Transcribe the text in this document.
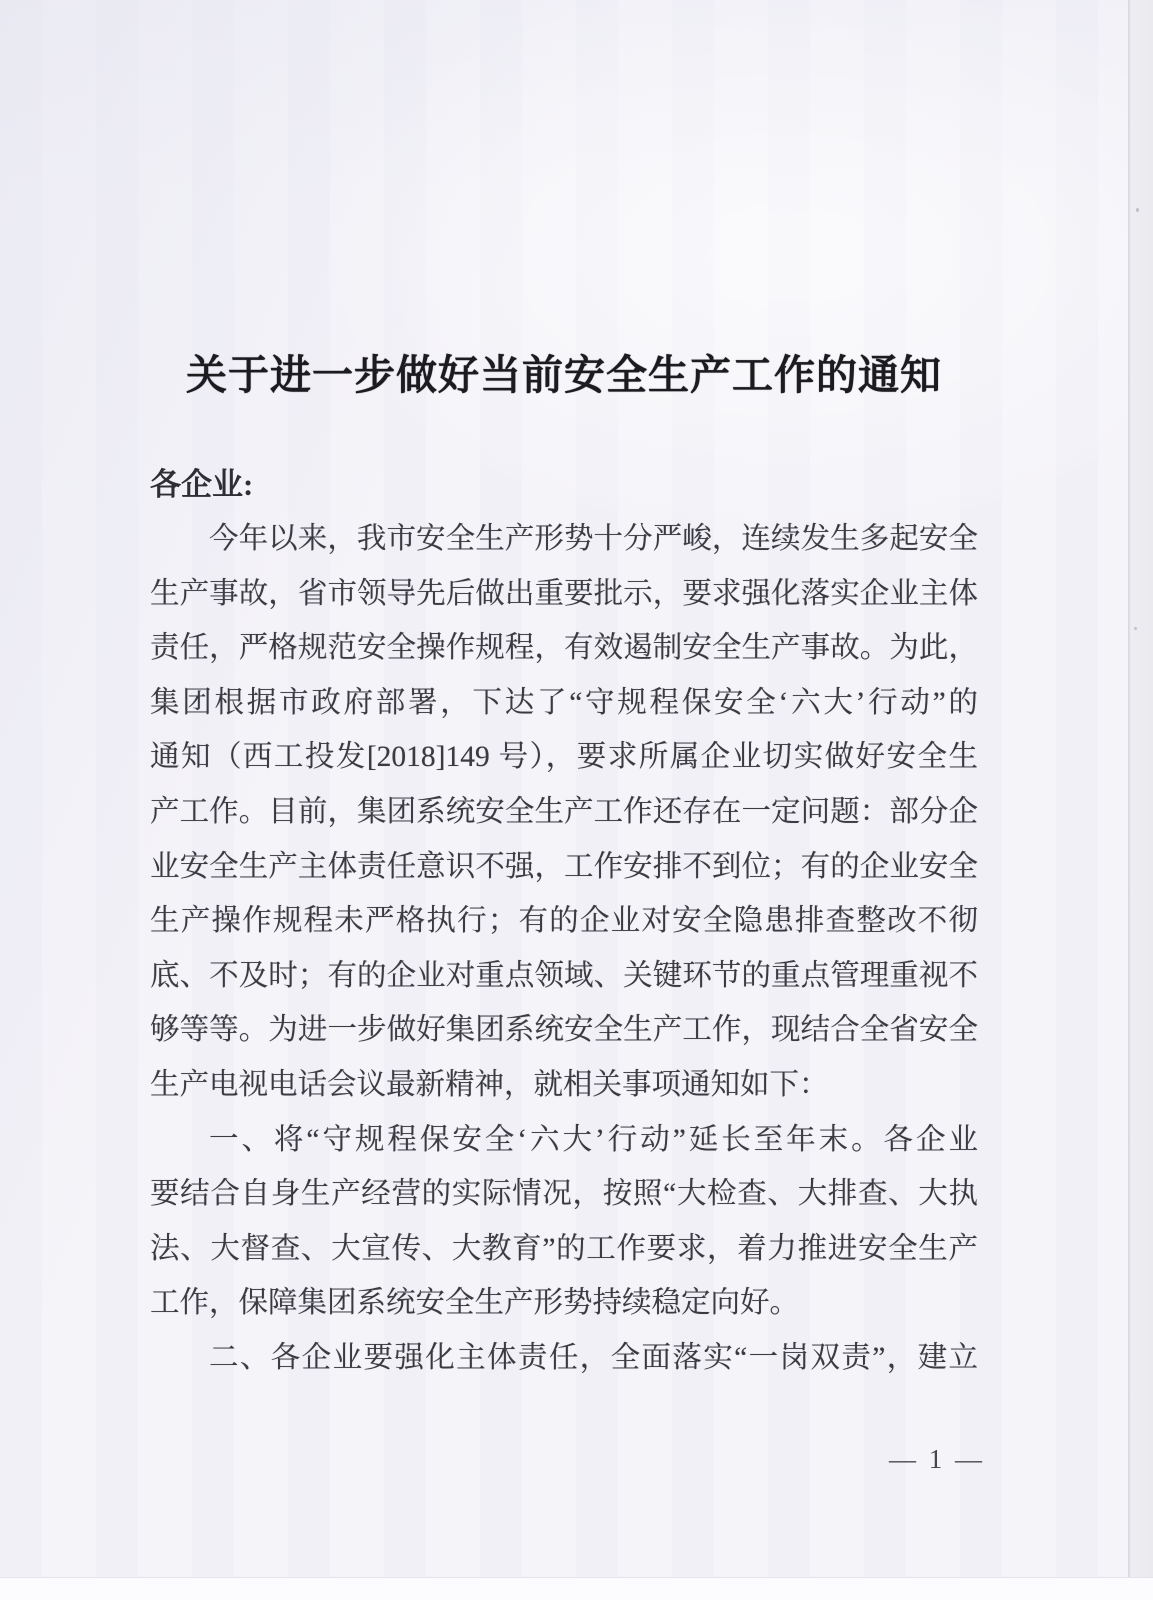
关于进一步做好当前安全生产工作的通知
各企业:
今年以来，我市安全生产形势十分严峻，连续发生多起安全
生产事故，省市领导先后做出重要批示，要求强化落实企业主体
责任，严格规范安全操作规程，有效遏制安全生产事故。为此，
集团根据市政府部署，下达了“守规程保安全‘六大’行动”的
通知（西工投发[2018]149 号），要求所属企业切实做好安全生
产工作。目前，集团系统安全生产工作还存在一定问题：部分企
业安全生产主体责任意识不强，工作安排不到位；有的企业安全
生产操作规程未严格执行；有的企业对安全隐患排查整改不彻
底、不及时；有的企业对重点领域、关键环节的重点管理重视不
够等等。为进一步做好集团系统安全生产工作，现结合全省安全
生产电视电话会议最新精神，就相关事项通知如下：
一、将“守规程保安全‘六大’行动”延长至年末。各企业
要结合自身生产经营的实际情况，按照“大检查、大排查、大执
法、大督查、大宣传、大教育”的工作要求，着力推进安全生产
工作，保障集团系统安全生产形势持续稳定向好。
二、各企业要强化主体责任，全面落实“一岗双责”，建立
— 1 —
